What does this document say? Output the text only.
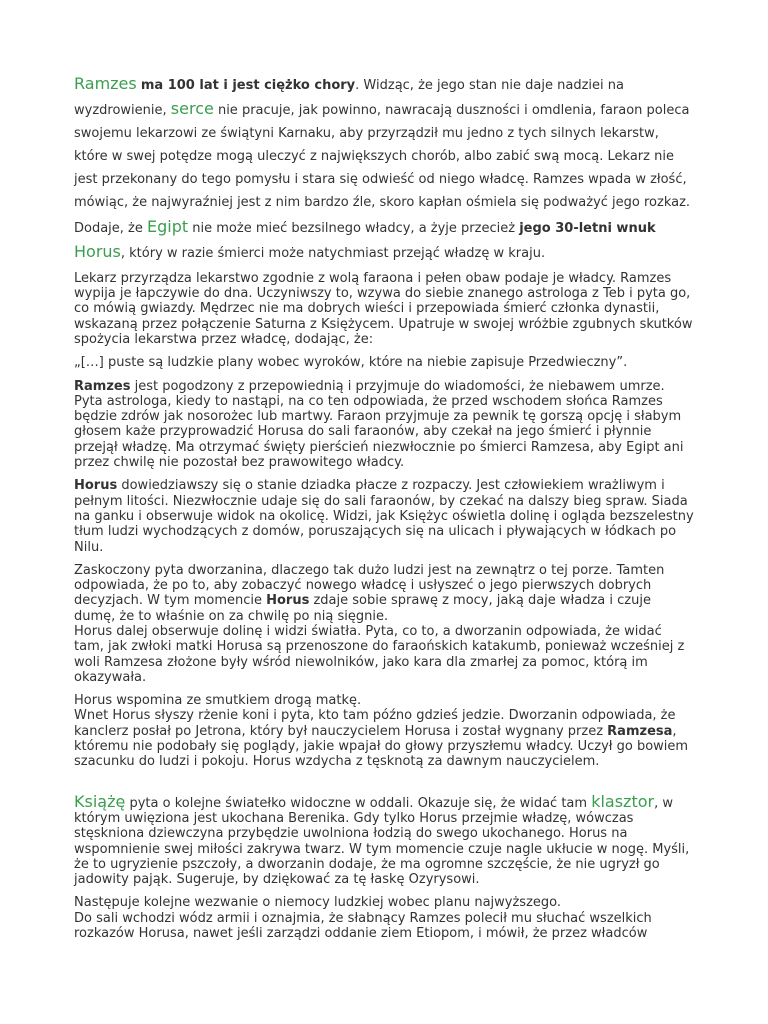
Ramzes ma 100 lat i jest ciężko chory. Widząc, że jego stan nie daje nadziei na wyzdrowienie, serce nie pracuje, jak powinno, nawracają duszności i omdlenia, faraon poleca swojemu lekarzowi ze świątyni Karnaku, aby przyrządził mu jedno z tych silnych lekarstw, które w swej potędze mogą uleczyć z największych chorób, albo zabić swą mocą. Lekarz nie jest przekonany do tego pomysłu i stara się odwieść od niego władcę. Ramzes wpada w złość, mówiąc, że najwyraźniej jest z nim bardzo źle, skoro kapłan ośmiela się podważyć jego rozkaz. Dodaje, że Egipt nie może mieć bezsilnego władcy, a żyje przecież jego 30-letni wnuk Horus, który w razie śmierci może natychmiast przejąć władzę w kraju.

Lekarz przyrządza lekarstwo zgodnie z wolą faraona i pełen obaw podaje je władcy. Ramzes wypija je łapczywie do dna. Uczyniwszy to, wzywa do siebie znanego astrologa z Teb i pyta go, co mówią gwiazdy. Mędrzec nie ma dobrych wieści i przepowiada śmierć członka dynastii, wskazaną przez połączenie Saturna z Księżycem. Upatruje w swojej wróżbie zgubnych skutków spożycia lekarstwa przez władcę, dodając, że:

„[…] puste są ludzkie plany wobec wyroków, które na niebie zapisuje Przedwieczny”.

Ramzes jest pogodzony z przepowiednią i przyjmuje do wiadomości, że niebawem umrze. Pyta astrologa, kiedy to nastąpi, na co ten odpowiada, że przed wschodem słońca Ramzes będzie zdrów jak nosorożec lub martwy. Faraon przyjmuje za pewnik tę gorszą opcję i słabym głosem każe przyprowadzić Horusa do sali faraonów, aby czekał na jego śmierć i płynnie przejął władzę. Ma otrzymać święty pierścień niezwłocznie po śmierci Ramzesa, aby Egipt ani przez chwilę nie pozostał bez prawowitego władcy.

Horus dowiedziawszy się o stanie dziadka płacze z rozpaczy. Jest człowiekiem wrażliwym i pełnym litości. Niezwłocznie udaje się do sali faraonów, by czekać na dalszy bieg spraw. Siada na ganku i obserwuje widok na okolicę. Widzi, jak Księżyc oświetla dolinę i ogląda bezszelestny tłum ludzi wychodzących z domów, poruszających się na ulicach i pływających w łódkach po Nilu.

Zaskoczony pyta dworzanina, dlaczego tak dużo ludzi jest na zewnątrz o tej porze. Tamten odpowiada, że po to, aby zobaczyć nowego władcę i usłyszeć o jego pierwszych dobrych decyzjach. W tym momencie Horus zdaje sobie sprawę z mocy, jaką daje władza i czuje dumę, że to właśnie on za chwilę po nią sięgnie.
Horus dalej obserwuje dolinę i widzi światła. Pyta, co to, a dworzanin odpowiada, że widać tam, jak zwłoki matki Horusa są przenoszone do faraońskich katakumb, ponieważ wcześniej z woli Ramzesa złożone były wśród niewolników, jako kara dla zmarłej za pomoc, którą im okazywała.

Horus wspomina ze smutkiem drogą matkę.
Wnet Horus słyszy rżenie koni i pyta, kto tam późno gdzieś jedzie. Dworzanin odpowiada, że kanclerz posłał po Jetrona, który był nauczycielem Horusa i został wygnany przez Ramzesa, któremu nie podobały się poglądy, jakie wpajał do głowy przyszłemu władcy. Uczył go bowiem szacunku do ludzi i pokoju. Horus wzdycha z tęsknotą za dawnym nauczycielem.

Książę pyta o kolejne światełko widoczne w oddali. Okazuje się, że widać tam klasztor, w którym uwięziona jest ukochana Berenika. Gdy tylko Horus przejmie władzę, wówczas stęskniona dziewczyna przybędzie uwolniona łodzią do swego ukochanego. Horus na wspomnienie swej miłości zakrywa twarz. W tym momencie czuje nagle ukłucie w nogę. Myśli, że to ugryzienie pszczoły, a dworzanin dodaje, że ma ogromne szczęście, że nie ugryzł go jadowity pająk. Sugeruje, by dziękować za tę łaskę Ozyrysowi.

Następuje kolejne wezwanie o niemocy ludzkiej wobec planu najwyższego.
Do sali wchodzi wódz armii i oznajmia, że słabnący Ramzes polecił mu słuchać wszelkich rozkazów Horusa, nawet jeśli zarządzi oddanie ziem Etiopom, i mówił, że przez władców
